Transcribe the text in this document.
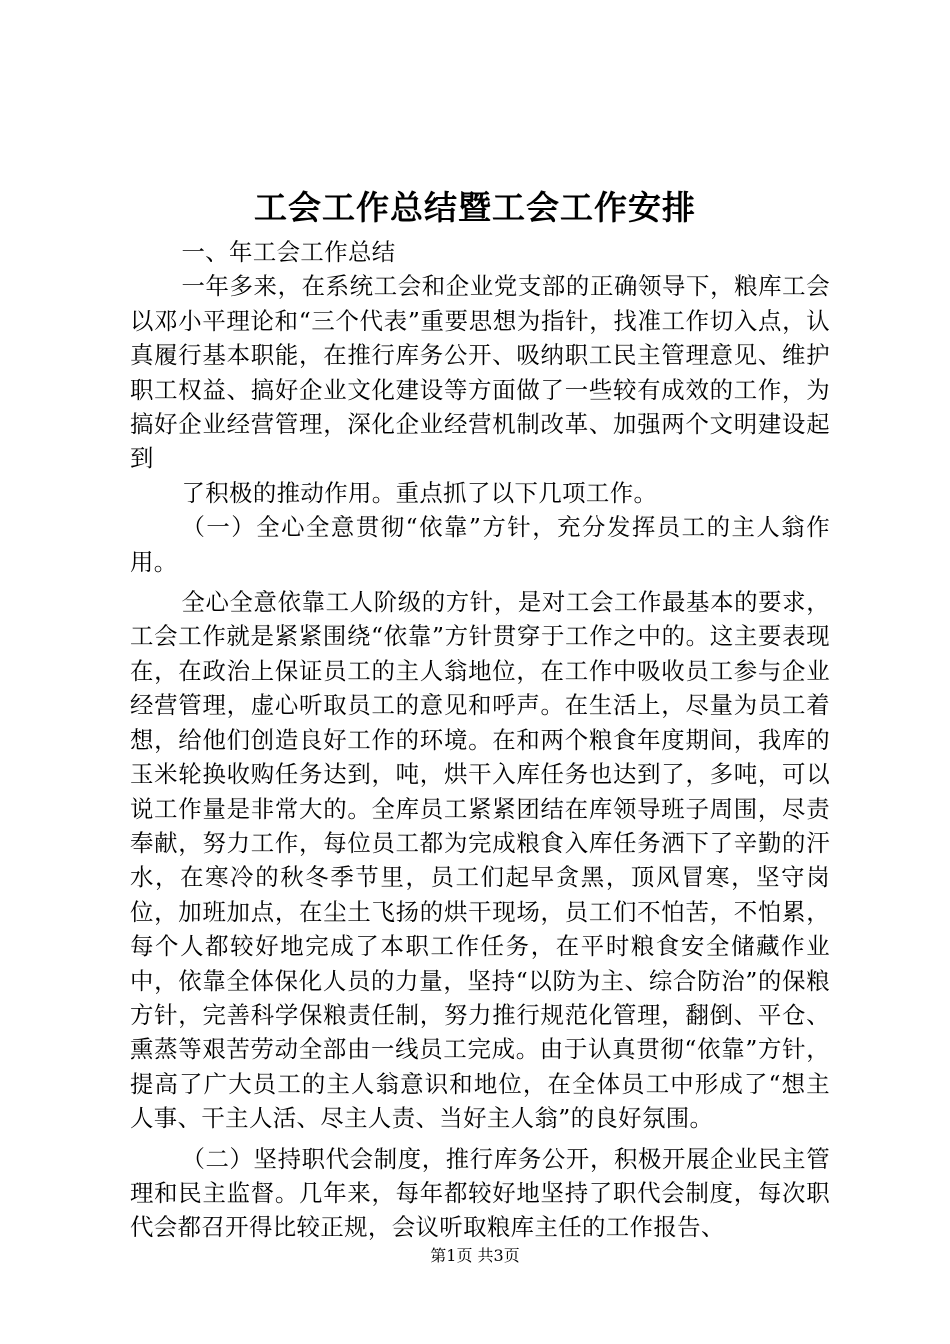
工会工作总结暨工会工作安排

一、年工会工作总结

一年多来，在系统工会和企业党支部的正确领导下，粮库工会以邓小平理论和“三个代表”重要思想为指针，找准工作切入点，认真履行基本职能，在推行库务公开、吸纳职工民主管理意见、维护职工权益、搞好企业文化建设等方面做了一些较有成效的工作，为搞好企业经营管理，深化企业经营机制改革、加强两个文明建设起到

了积极的推动作用。重点抓了以下几项工作。

（一）全心全意贯彻“依靠”方针，充分发挥员工的主人翁作用。

全心全意依靠工人阶级的方针，是对工会工作最基本的要求，工会工作就是紧紧围绕“依靠”方针贯穿于工作之中的。这主要表现在，在政治上保证员工的主人翁地位，在工作中吸收员工参与企业经营管理，虚心听取员工的意见和呼声。在生活上，尽量为员工着想，给他们创造良好工作的环境。在和两个粮食年度期间，我库的玉米轮换收购任务达到，吨，烘干入库任务也达到了，多吨，可以说工作量是非常大的。全库员工紧紧团结在库领导班子周围，尽责奉献，努力工作，每位员工都为完成粮食入库任务洒下了辛勤的汗水，在寒冷的秋冬季节里，员工们起早贪黑，顶风冒寒，坚守岗位，加班加点，在尘土飞扬的烘干现场，员工们不怕苦，不怕累，每个人都较好地完成了本职工作任务，在平时粮食安全储藏作业中，依靠全体保化人员的力量，坚持“以防为主、综合防治”的保粮方针，完善科学保粮责任制，努力推行规范化管理，翻倒、平仓、熏蒸等艰苦劳动全部由一线员工完成。由于认真贯彻“依靠”方针，提高了广大员工的主人翁意识和地位，在全体员工中形成了“想主人事、干主人活、尽主人责、当好主人翁”的良好氛围。

（二）坚持职代会制度，推行库务公开，积极开展企业民主管理和民主监督。几年来，每年都较好地坚持了职代会制度，每次职代会都召开得比较正规，会议听取粮库主任的工作报告、

第1页 共3页
